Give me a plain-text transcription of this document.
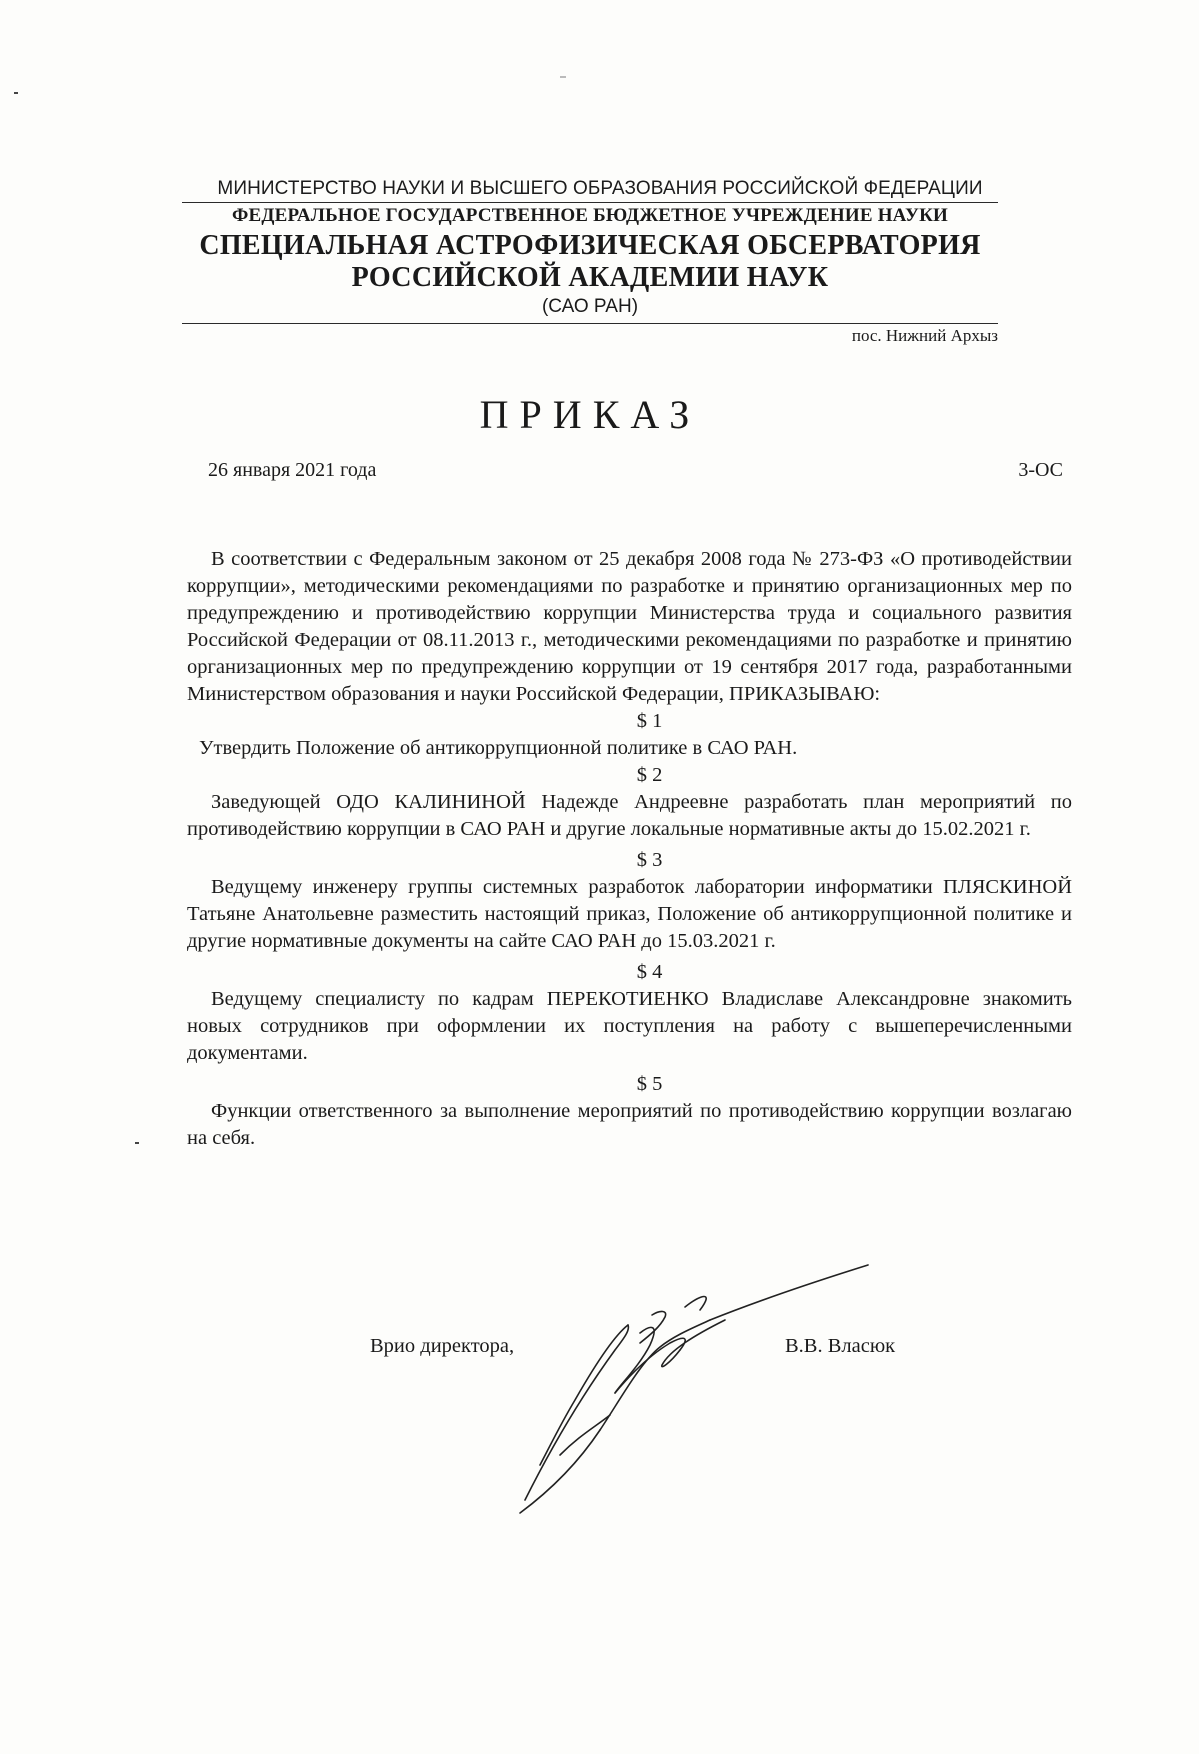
МИНИСТЕРСТВО НАУКИ И ВЫСШЕГО ОБРАЗОВАНИЯ РОССИЙСКОЙ ФЕДЕРАЦИИ
ФЕДЕРАЛЬНОЕ ГОСУДАРСТВЕННОЕ БЮДЖЕТНОЕ УЧРЕЖДЕНИЕ НАУКИ
СПЕЦИАЛЬНАЯ АСТРОФИЗИЧЕСКАЯ ОБСЕРВАТОРИЯ
РОССИЙСКОЙ АКАДЕМИИ НАУК
(САО РАН)
пос. Нижний Архыз
ПРИКАЗ
26 января 2021 года	3-ОС

В соответствии с Федеральным законом от 25 декабря 2008 года № 273-ФЗ «О противодействии коррупции», методическими рекомендациями по разработке и принятию организационных мер по предупреждению и противодействию коррупции Министерства труда и социального развития Российской Федерации от 08.11.2013 г., методическими рекомендациями по разработке и принятию организационных мер по предупреждению коррупции от 19 сентября 2017 года, разработанными Министерством образования и науки Российской Федерации, ПРИКАЗЫВАЮ:

$ 1

Утвердить Положение об антикоррупционной политике в САО РАН.

$ 2

Заведующей ОДО КАЛИНИНОЙ Надежде Андреевне разработать план мероприятий по противодействию коррупции в САО РАН и другие локальные нормативные акты до 15.02.2021 г.

$ 3

Ведущему инженеру группы системных разработок лаборатории информатики ПЛЯСКИНОЙ Татьяне Анатольевне разместить настоящий приказ, Положение об антикоррупционной политике и другие нормативные документы на сайте САО РАН до 15.03.2021 г.

$ 4

Ведущему специалисту по кадрам ПЕРЕКОТИЕНКО Владиславе Александровне знакомить новых сотрудников при оформлении их поступления на работу с вышеперечисленными документами.

$ 5

Функции ответственного за выполнение мероприятий по противодействию коррупции возлагаю на себя.

Врио директора,	В.В. Власюк
